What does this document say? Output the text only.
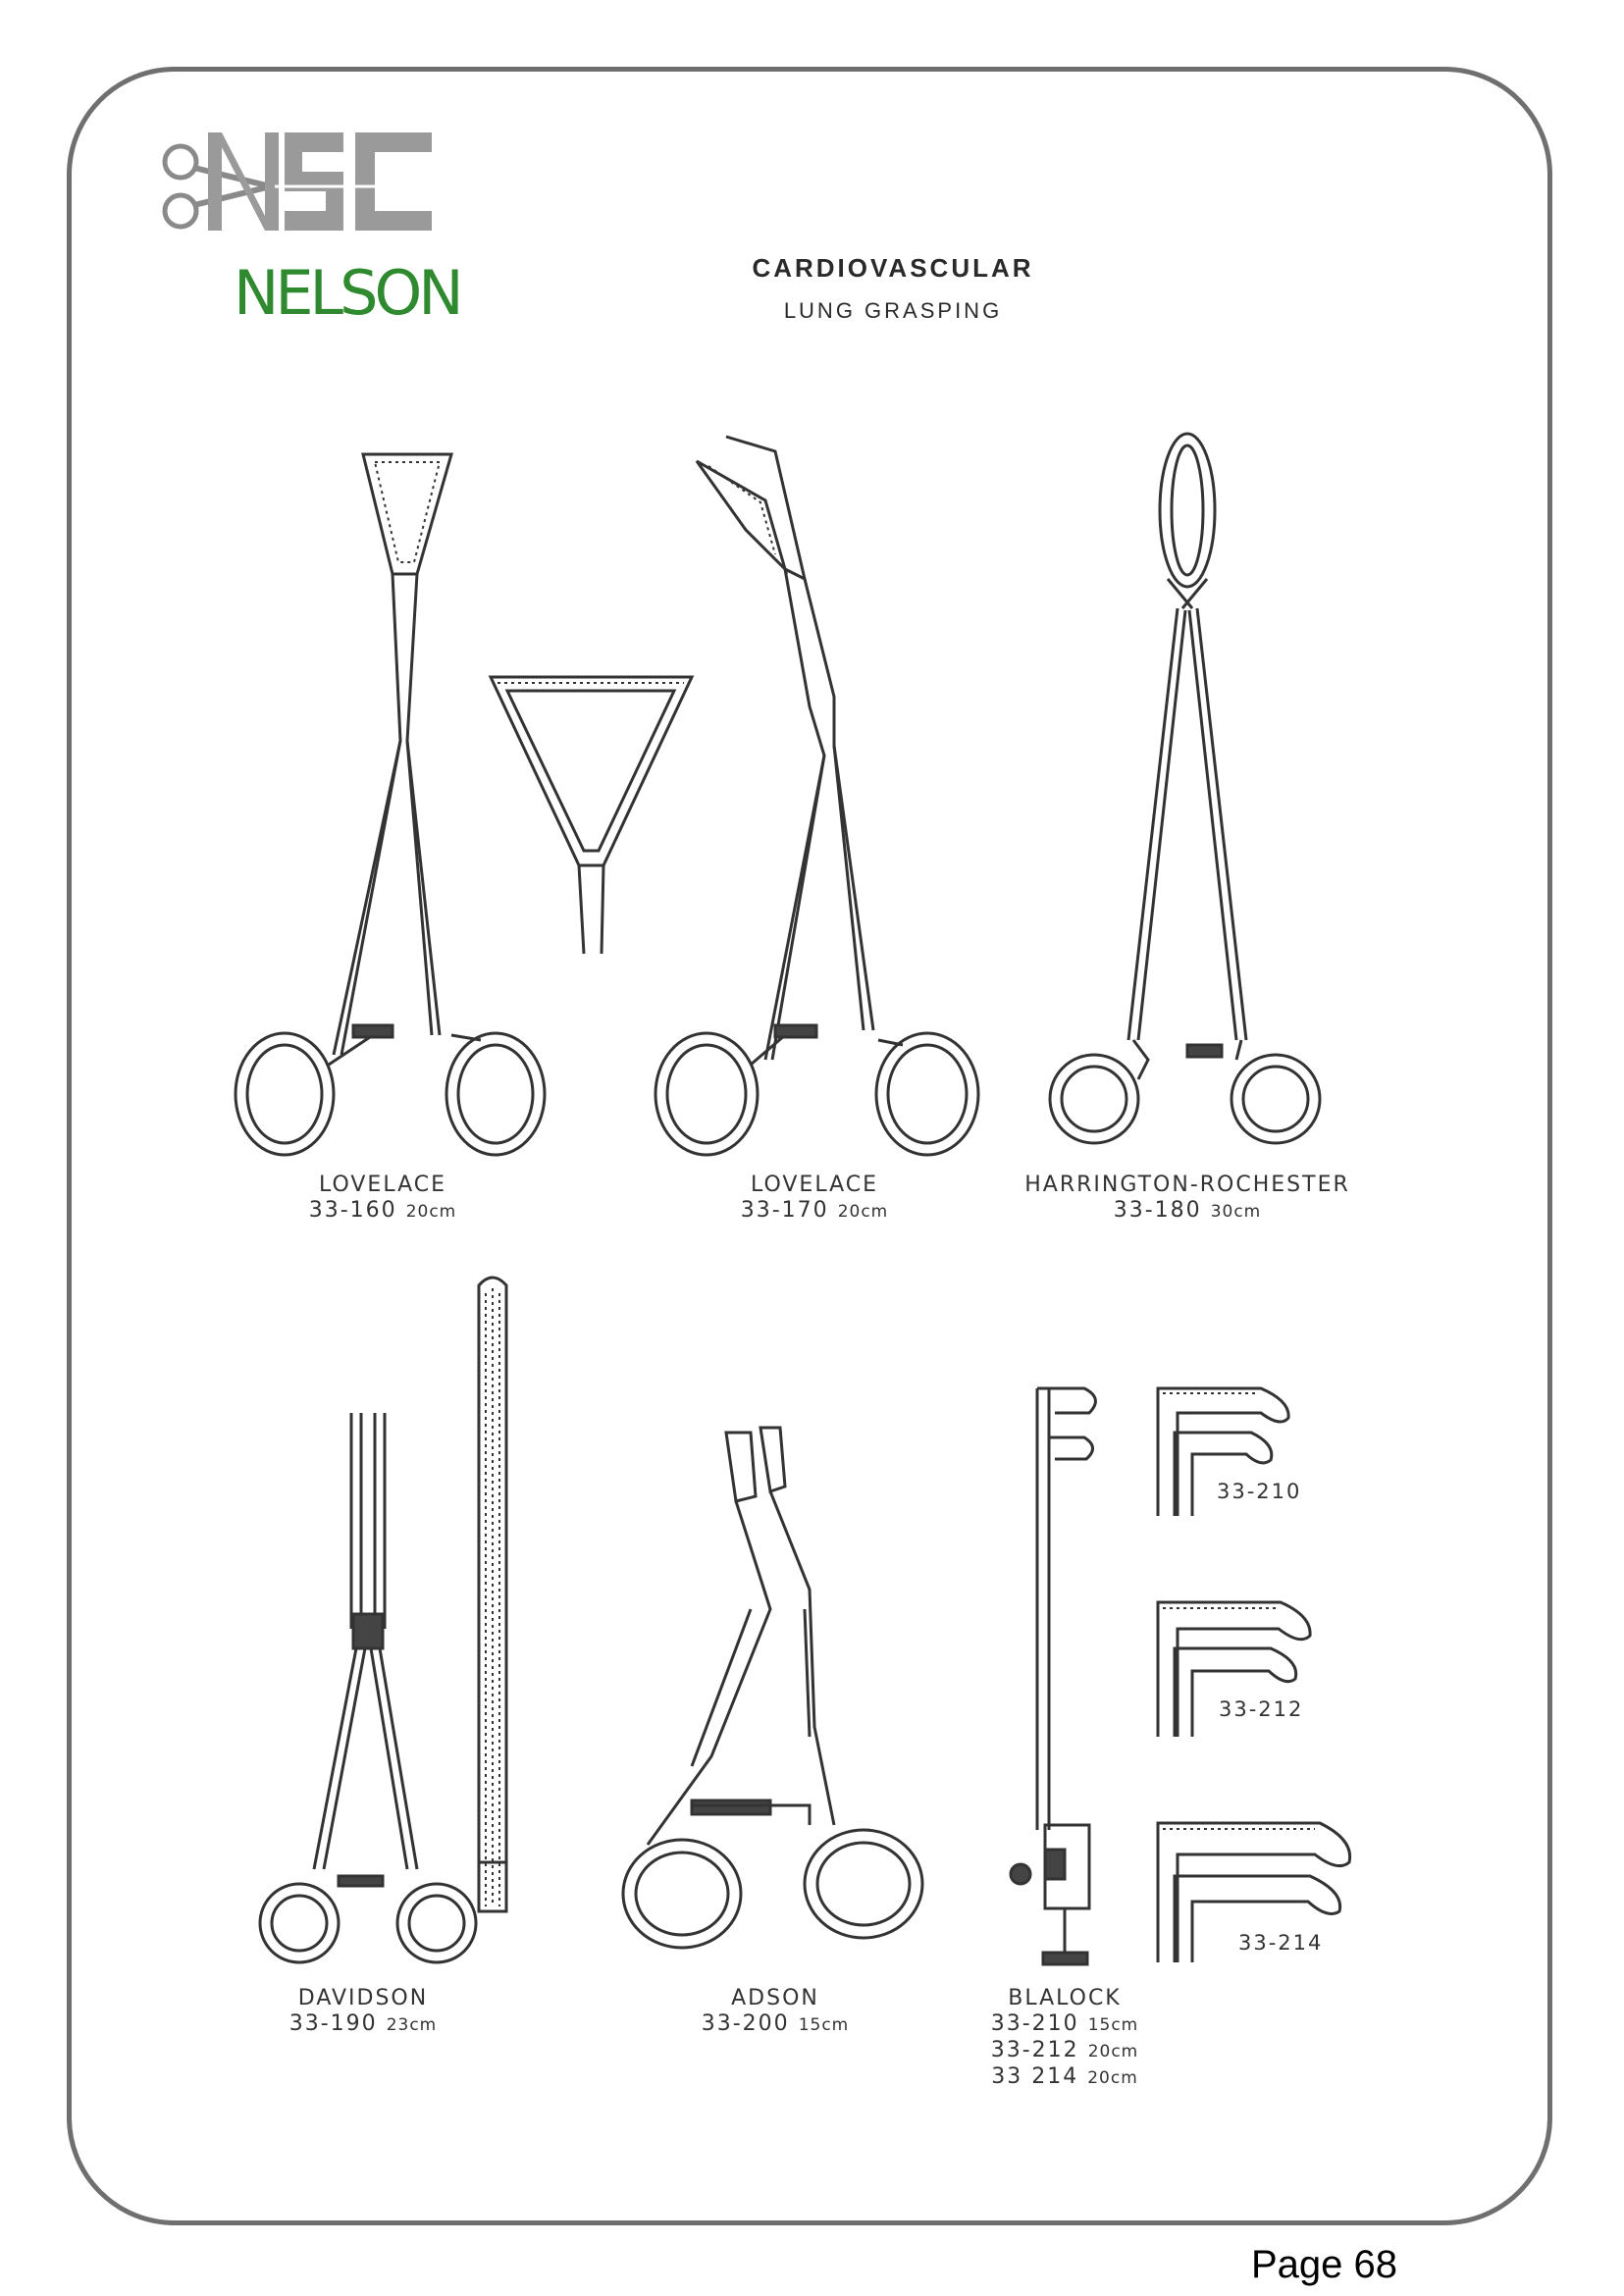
NELSON	CARDIOVASCULAR
LUNG GRASPING
33-210
33-212
33-214
LOVELACE
33-160 20cm
LOVELACE
33-170 20cm
HARRINGTON-ROCHESTER
33-180 30cm
DAVIDSON
33-190 23cm
ADSON
33-200 15cm
BLALOCK
33-210 15cm
33-212 20cm
33 214 20cm
Page 68
